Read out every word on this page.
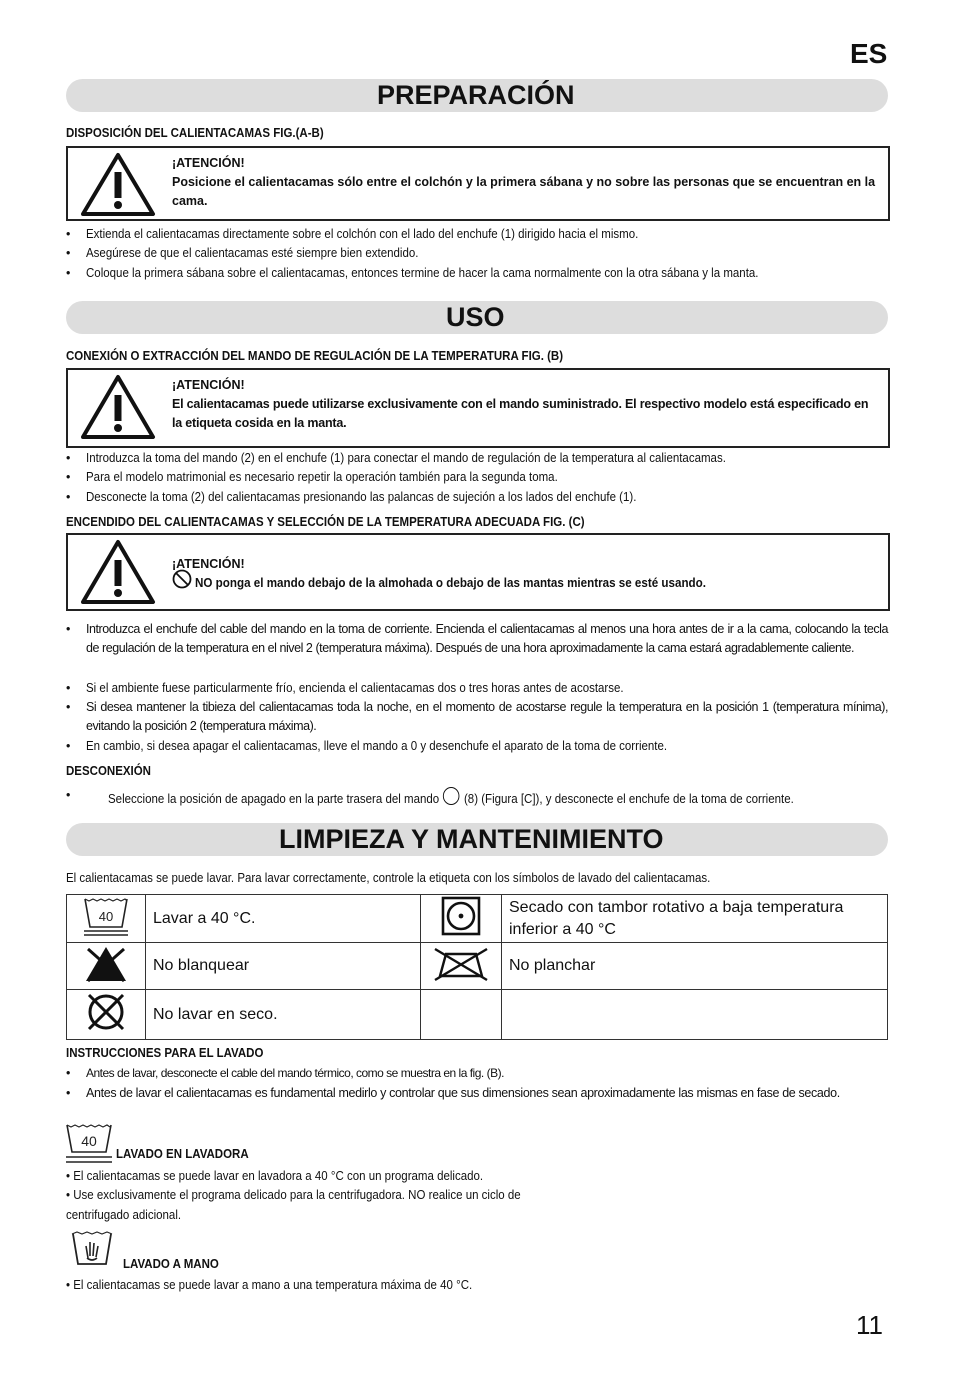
ES
PREPARACIÓN
DISPOSICIÓN DEL CALIENTACAMAS FIG.(A-B)
¡ATENCIÓN!
Posicione el calientacamas sólo entre el colchón y la primera sábana y no sobre las personas que se encuentran en la cama.
• Extienda el calientacamas directamente sobre el colchón con el lado del enchufe (1) dirigido hacia el mismo.
• Asegúrese de que el calientacamas esté siempre bien extendido.
• Coloque la primera sábana sobre el calientacamas, entonces termine de hacer la cama normalmente con la otra sábana y la manta.
USO
CONEXIÓN O EXTRACCIÓN DEL MANDO DE REGULACIÓN DE LA TEMPERATURA FIG. (B)
¡ATENCIÓN!
El calientacamas puede utilizarse exclusivamente con el mando suministrado. El respectivo modelo está especificado en la etiqueta cosida en la manta.
• Introduzca la toma del mando (2) en el enchufe (1) para conectar el mando de regulación de la temperatura al calientacamas.
• Para el modelo matrimonial es necesario repetir la operación también para la segunda toma.
• Desconecte la toma (2) del calientacamas presionando las palancas de sujeción a los lados del enchufe (1).
ENCENDIDO DEL CALIENTACAMAS Y SELECCIÓN DE LA TEMPERATURA ADECUADA FIG. (C)
¡ATENCIÓN!
NO ponga el mando debajo de la almohada o debajo de las mantas mientras se esté usando.
• Introduzca el enchufe del cable del mando en la toma de corriente. Encienda el calientacamas al menos una hora antes de ir a la cama, colocando la tecla de regulación de la temperatura en el nivel 2 (temperatura máxima). Después de una hora aproximadamente la cama estará agradablemente caliente.
• Si el ambiente fuese particularmente frío, encienda el calientacamas dos o tres horas antes de acostarse.
• Si desea mantener la tibieza del calientacamas toda la noche, en el momento de acostarse regule la temperatura en la posición 1 (temperatura mínima), evitando la posición 2 (temperatura máxima).
• En cambio, si desea apagar el calientacamas, lleve el mando a 0 y desenchufe el aparato de la toma de corriente.
DESCONEXIÓN
•	Seleccione la posición de apagado en la parte trasera del mando (8) (Figura [C]), y desconecte el enchufe de la toma de corriente.
LIMPIEZA Y MANTENIMIENTO
El calientacamas se puede lavar. Para lavar correctamente, controle la etiqueta con los símbolos de lavado del calientacamas.
40	Lavar a 40 °C.		Secado con tambor rotativo a baja temperatura inferior a 40 °C
	No blanquear		No planchar
	No lavar en seco.		
INSTRUCCIONES PARA EL LAVADO
• Antes de lavar, desconecte el cable del mando térmico, como se muestra en la fig. (B).
• Antes de lavar el calientacamas es fundamental medirlo y controlar que sus dimensiones sean aproximadamente las mismas en fase de secado.
40
LAVADO EN LAVADORA
• El calientacamas se puede lavar en lavadora a 40 °C con un programa delicado.
• Use exclusivamente el programa delicado para la centrifugadora. NO realice un ciclo de
centrifugado adicional.
LAVADO A MANO
• El calientacamas se puede lavar a mano a una temperatura máxima de 40 °C.
11
